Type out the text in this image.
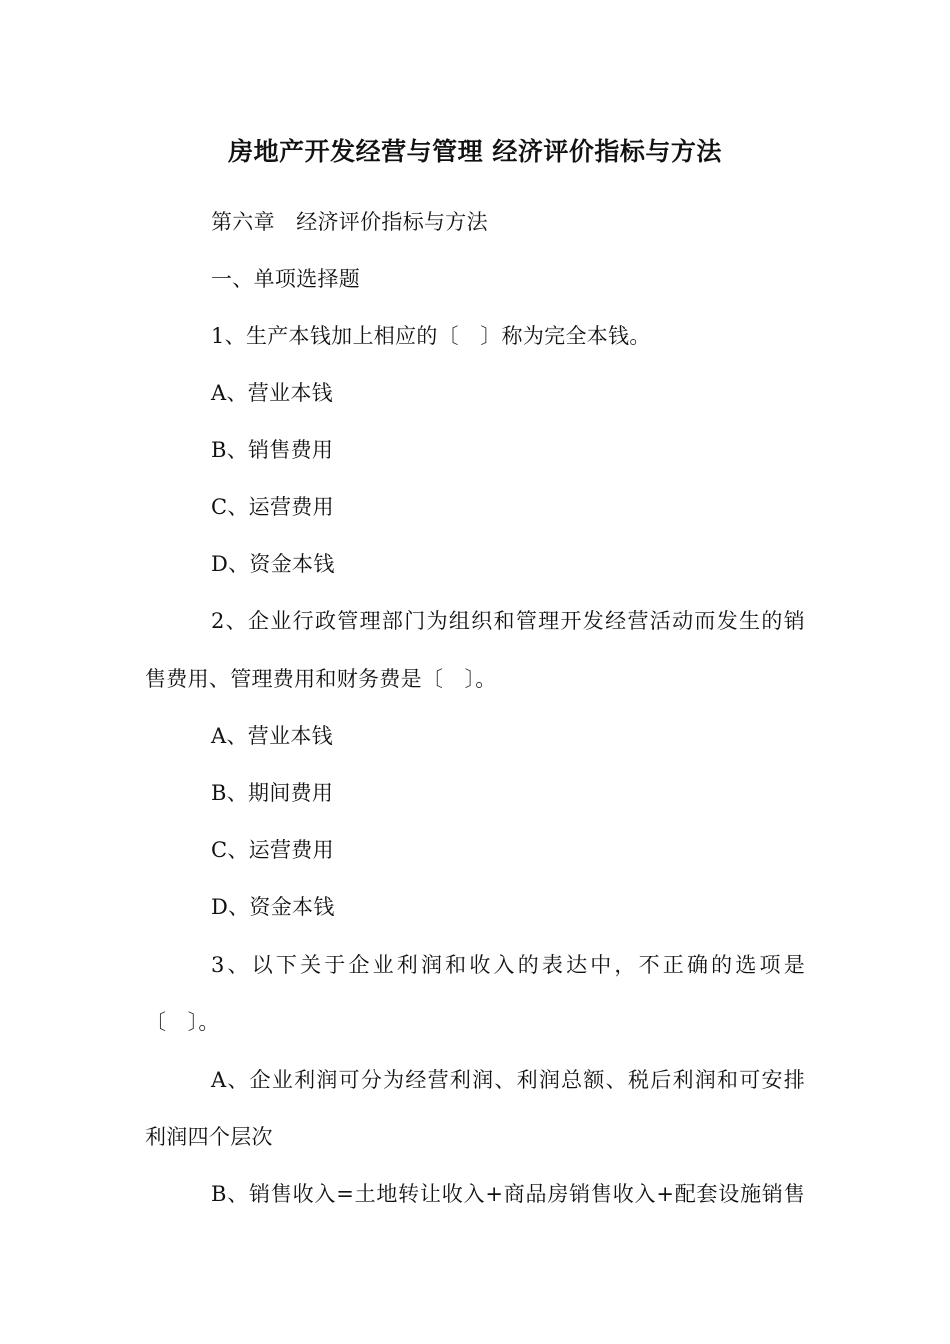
房地产开发经营与管理 经济评价指标与方法
第六章　经济评价指标与方法
一、单项选择题
1、生产本钱加上相应的〔　〕称为完全本钱。
A、营业本钱
B、销售费用
C、运营费用
D、资金本钱
2、企业行政管理部门为组织和管理开发经营活动而发生的销
售费用、管理费用和财务费是〔　〕。
A、营业本钱
B、期间费用
C、运营费用
D、资金本钱
3、以下关于企业利润和收入的表达中，不正确的选项是
〔　〕。
A、企业利润可分为经营利润、利润总额、税后利润和可安排
利润四个层次
B、销售收入=土地转让收入+商品房销售收入+配套设施销售
